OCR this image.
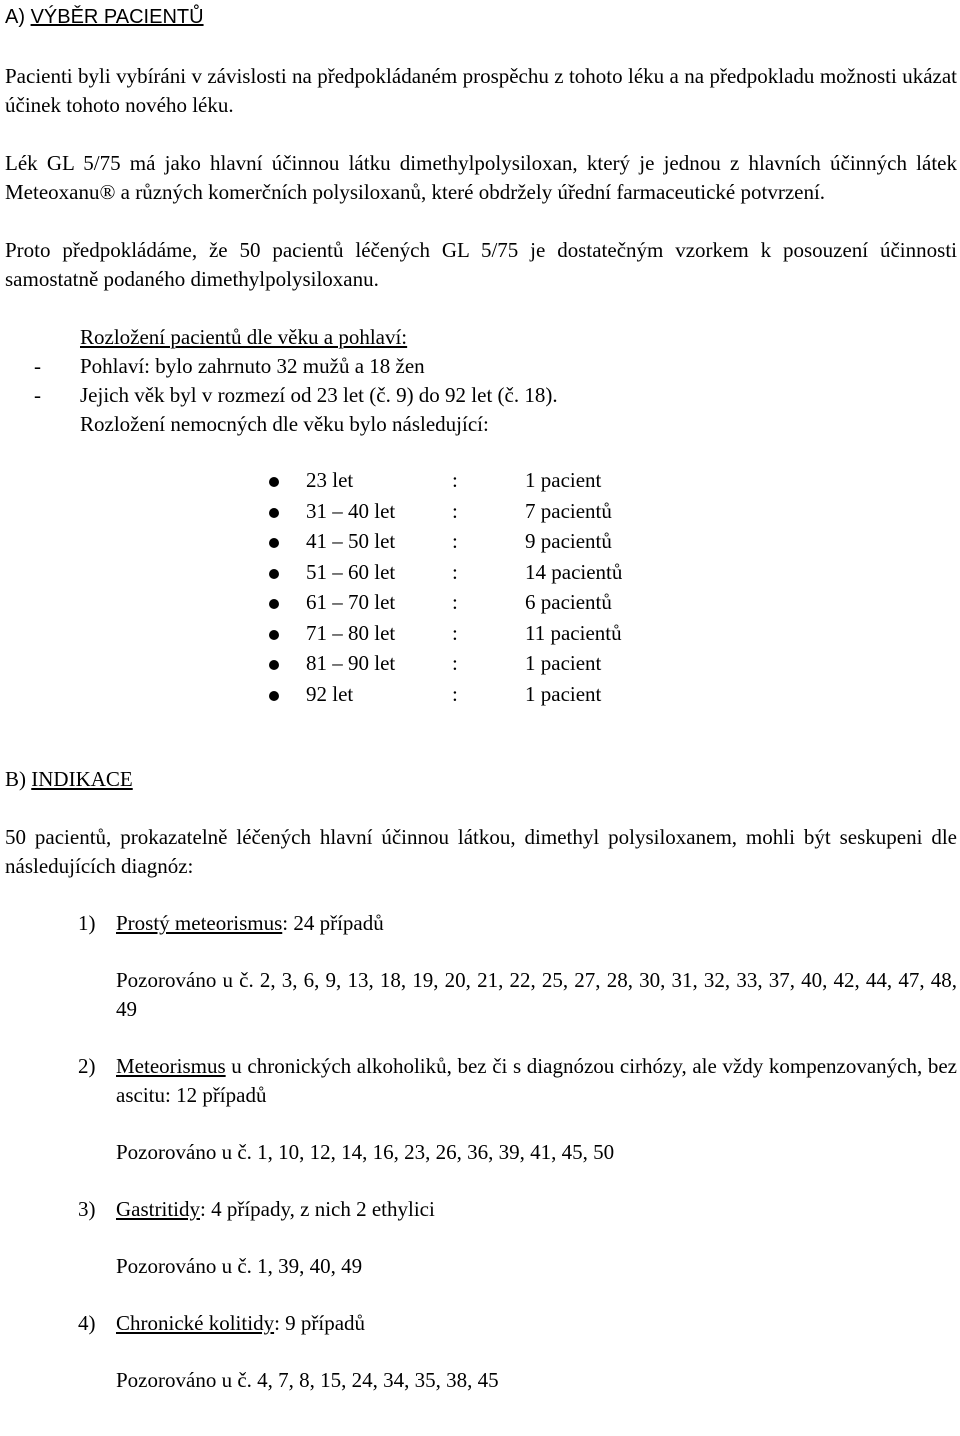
A) VÝBĚR PACIENTŮ

Pacienti byli vybíráni v závislosti na předpokládaném prospěchu z tohoto léku a na předpokladu možnosti ukázat účinek tohoto nového léku.

Lék GL 5/75 má jako hlavní účinnou látku dimethylpolysiloxan, který je jednou z hlavních účinných látek Meteoxanu® a různých komerčních polysiloxanů, které obdržely úřední farmaceutické potvrzení.

Proto předpokládáme, že 50 pacientů léčených GL 5/75 je dostatečným vzorkem k posouzení účinnosti samostatně podaného dimethylpolysiloxanu.

Rozložení pacientů dle věku a pohlaví:
-	Pohlaví: bylo zahrnuto 32 mužů a 18 žen
-	Jejich věk byl v rozmezí od 23 let (č. 9) do 92 let (č. 18).
Rozložení nemocných dle věku bylo následující:
23 let	:	1 pacient
31 – 40 let	:	7 pacientů
41 – 50 let	:	9 pacientů
51 – 60 let	:	14 pacientů
61 – 70 let	:	6 pacientů
71 – 80 let	:	11 pacientů
81 – 90 let	:	1 pacient
92 let	:	1 pacient
B) INDIKACE

50 pacientů, prokazatelně léčených hlavní účinnou látkou, dimethyl polysiloxanem, mohli být seskupeni dle následujících diagnóz:

1) Prostý meteorismus: 24 případů

Pozorováno u č. 2, 3, 6, 9, 13, 18, 19, 20, 21, 22, 25, 27, 28, 30, 31, 32, 33, 37, 40, 42, 44, 47, 48, 49

2) Meteorismus u chronických alkoholiků, bez či s diagnózou cirhózy, ale vždy kompenzovaných, bez ascitu: 12 případů

Pozorováno u č. 1, 10, 12, 14, 16, 23, 26, 36, 39, 41, 45, 50

3) Gastritidy: 4 případy, z nich 2 ethylici

Pozorováno u č. 1, 39, 40, 49

4) Chronické kolitidy: 9 případů

Pozorováno u č. 4, 7, 8, 15, 24, 34, 35, 38, 45
